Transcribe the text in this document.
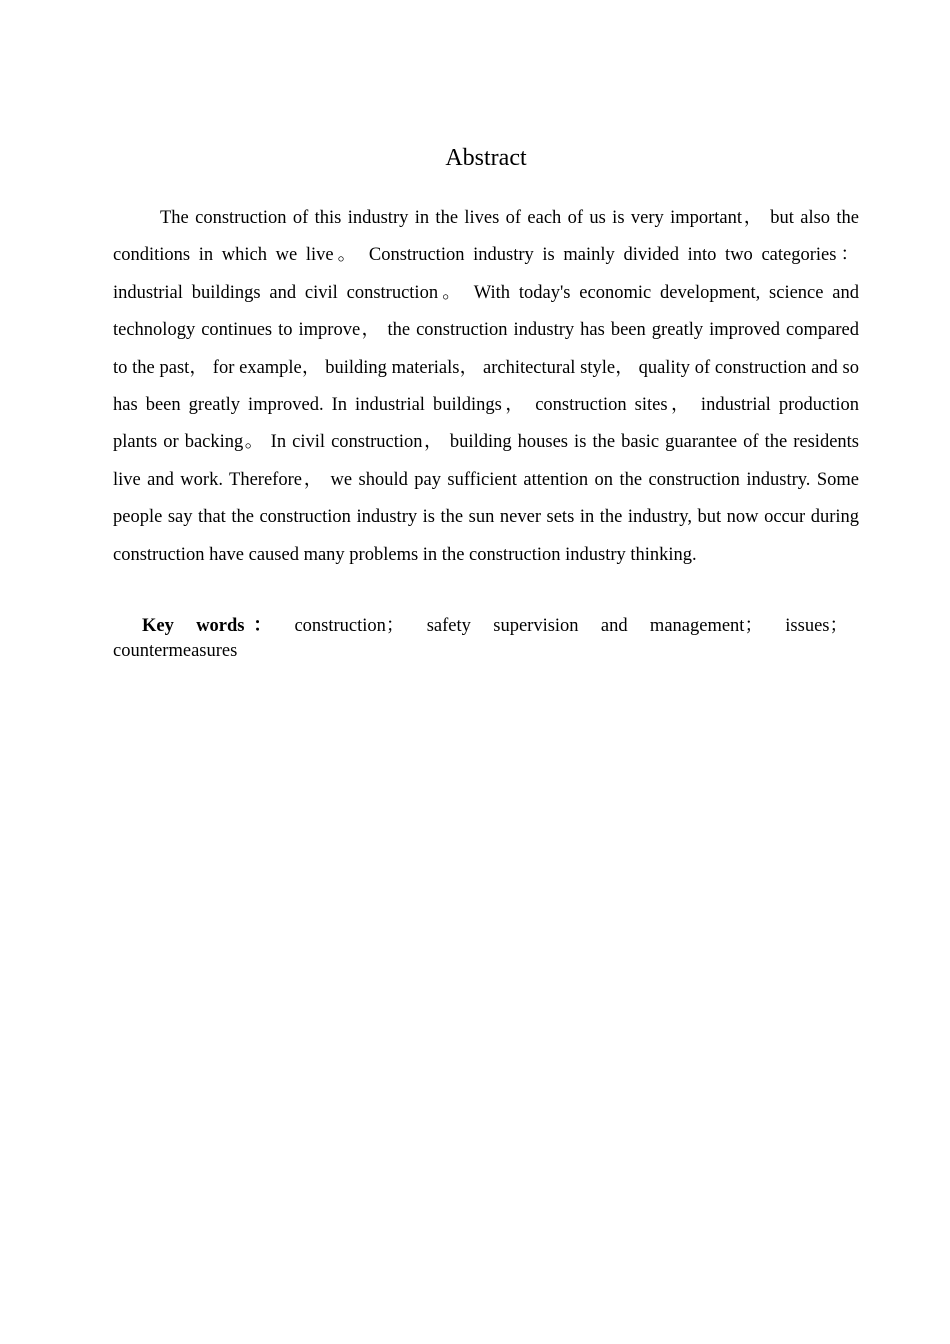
Abstract

The construction of this industry in the lives of each of us is very important， but also the conditions in which we live。 Construction industry is mainly divided into two categories： industrial buildings and civil construction。 With today's economic development, science and technology continues to improve， the construction industry has been greatly improved compared to the past， for example， building materials， architectural style， quality of construction and so has been greatly improved. In industrial buildings， construction sites， industrial production plants or backing。 In civil construction， building houses is the basic guarantee of the residents live and work. Therefore， we should pay sufficient attention on the construction industry. Some people say that the construction industry is the sun never sets in the industry, but now occur during construction have caused many problems in the construction industry thinking.

Key words： construction； safety supervision and management； issues； countermeasures
